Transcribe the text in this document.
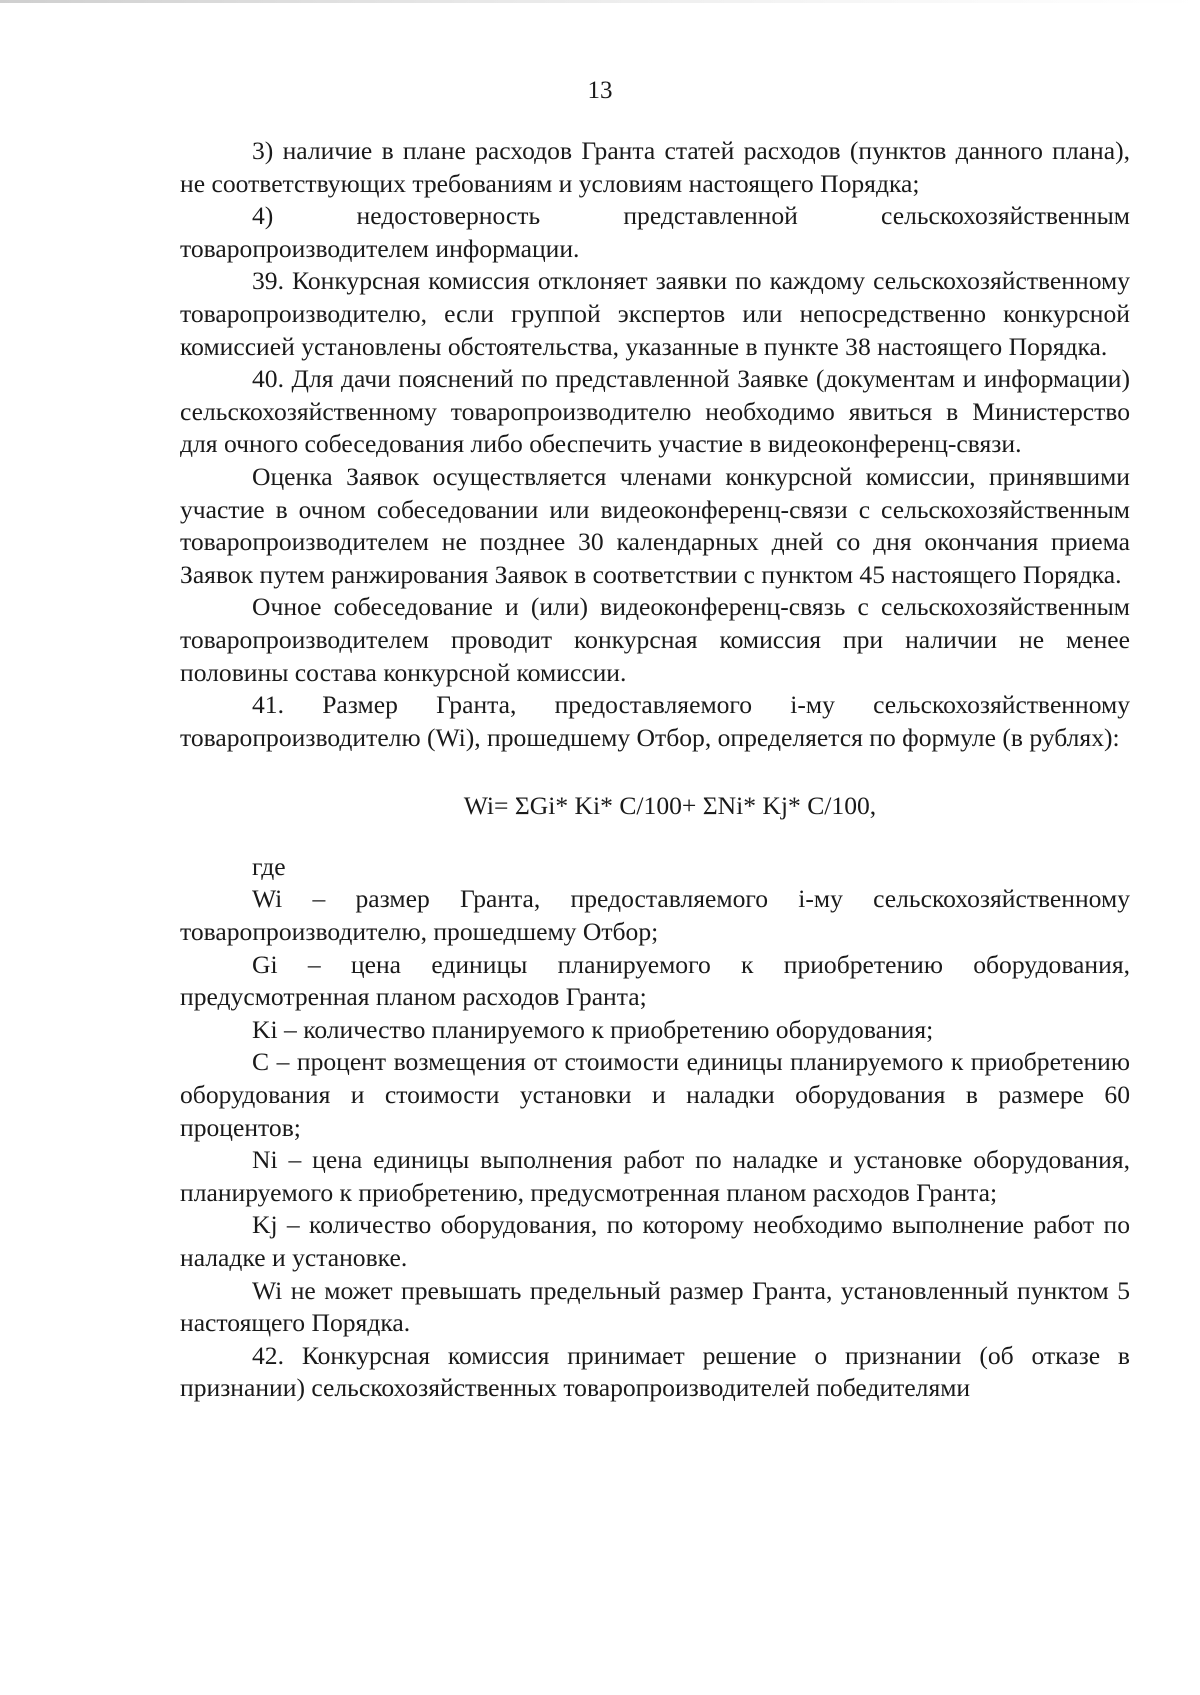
13

3) наличие в плане расходов Гранта статей расходов (пунктов данного плана), не соответствующих требованиям и условиям настоящего Порядка;

4) недостоверность представленной сельскохозяйственным товаропроизводителем информации.

39. Конкурсная комиссия отклоняет заявки по каждому сельскохозяйственному товаропроизводителю, если группой экспертов или непосредственно конкурсной комиссией установлены обстоятельства, указанные в пункте 38 настоящего Порядка.

40. Для дачи пояснений по представленной Заявке (документам и информации) сельскохозяйственному товаропроизводителю необходимо явиться в Министерство для очного собеседования либо обеспечить участие в видеоконференц-связи.

Оценка Заявок осуществляется членами конкурсной комиссии, принявшими участие в очном собеседовании или видеоконференц-связи с сельскохозяйственным товаропроизводителем не позднее 30 календарных дней со дня окончания приема Заявок путем ранжирования Заявок в соответствии с пунктом 45 настоящего Порядка.

Очное собеседование и (или) видеоконференц-связь с сельскохозяйственным товаропроизводителем проводит конкурсная комиссия при наличии не менее половины состава конкурсной комиссии.

41. Размер Гранта, предоставляемого i-му сельскохозяйственному товаропроизводителю (Wi), прошедшему Отбор, определяется по формуле (в рублях):

Wi= ΣGi* Ki* C/100+ ΣNi* Kj* C/100,

где

Wi – размер Гранта, предоставляемого i-му сельскохозяйственному товаропроизводителю, прошедшему Отбор;

Gi – цена единицы планируемого к приобретению оборудования, предусмотренная планом расходов Гранта;

Ki – количество планируемого к приобретению оборудования;

С – процент возмещения от стоимости единицы планируемого к приобретению оборудования и стоимости установки и наладки оборудования в размере 60 процентов;

Ni – цена единицы выполнения работ по наладке и установке оборудования, планируемого к приобретению, предусмотренная планом расходов Гранта;

Kj – количество оборудования, по которому необходимо выполнение работ по наладке и установке.

Wi не может превышать предельный размер Гранта, установленный пунктом 5 настоящего Порядка.

42. Конкурсная комиссия принимает решение о признании (об отказе в признании) сельскохозяйственных товаропроизводителей победителями
